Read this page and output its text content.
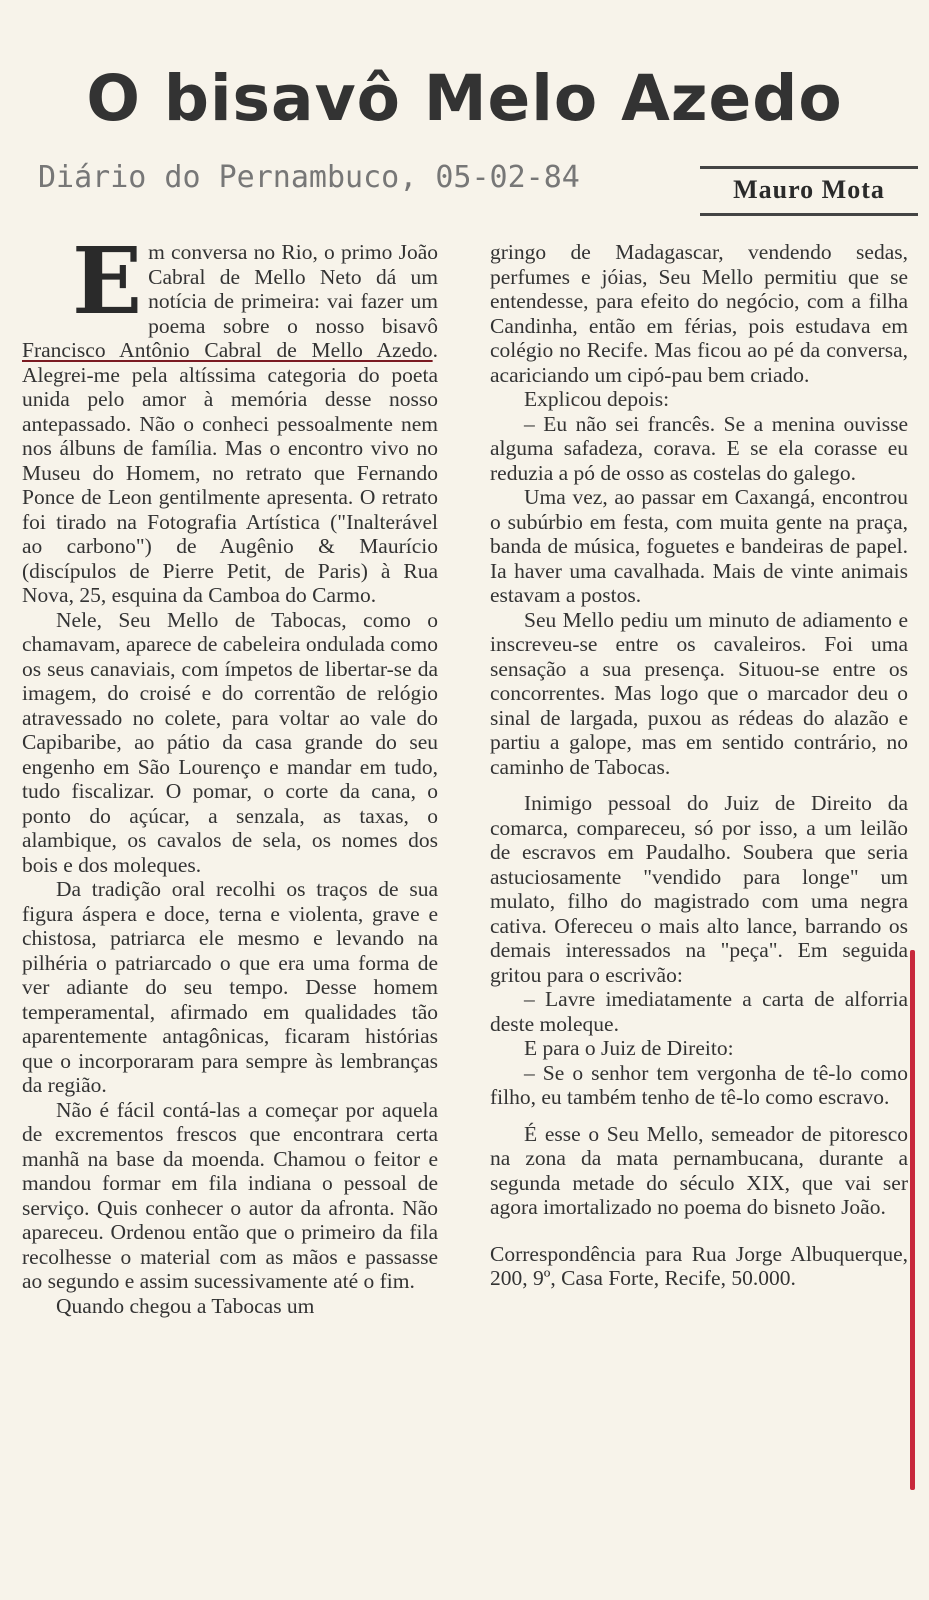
O bisavô Melo Azedo
Diário do Pernambuco, 05-02-84	Mauro Mota

Em conversa no Rio, o primo João Cabral de Mello Neto dá um notícia de primeira: vai fazer um poema sobre o nosso bisavô Francisco Antônio Cabral de Mello Azedo. Alegrei-me pela altíssima categoria do poeta unida pelo amor à memória desse nosso antepassado. Não o conheci pessoalmente nem nos álbuns de família. Mas o encontro vivo no Museu do Homem, no retrato que Fernando Ponce de Leon gentilmente apresenta. O retrato foi tirado na Fotografia Artística ("Inalterável ao carbono") de Augênio & Maurício (discípulos de Pierre Petit, de Paris) à Rua Nova, 25, esquina da Camboa do Carmo.

Nele, Seu Mello de Tabocas, como o chamavam, aparece de cabeleira ondulada como os seus canaviais, com ímpetos de libertar-se da imagem, do croisé e do correntão de relógio atravessado no colete, para voltar ao vale do Capibaribe, ao pátio da casa grande do seu engenho em São Lourenço e mandar em tudo, tudo fiscalizar. O pomar, o corte da cana, o ponto do açúcar, a senzala, as taxas, o alambique, os cavalos de sela, os nomes dos bois e dos moleques.

Da tradição oral recolhi os traços de sua figura áspera e doce, terna e violenta, grave e chistosa, patriarca ele mesmo e levando na pilhéria o patriarcado o que era uma forma de ver adiante do seu tempo. Desse homem temperamental, afirmado em qualidades tão aparentemente antagônicas, ficaram histórias que o incorporaram para sempre às lembranças da região.

Não é fácil contá-las a começar por aquela de excrementos frescos que encontrara certa manhã na base da moenda. Chamou o feitor e mandou formar em fila indiana o pessoal de serviço. Quis conhecer o autor da afronta. Não apareceu. Ordenou então que o primeiro da fila recolhesse o material com as mãos e passasse ao segundo e assim sucessivamente até o fim.

Quando chegou a Tabocas um

gringo de Madagascar, vendendo sedas, perfumes e jóias, Seu Mello permitiu que se entendesse, para efeito do negócio, com a filha Candinha, então em férias, pois estudava em colégio no Recife. Mas ficou ao pé da conversa, acariciando um cipó-pau bem criado.

Explicou depois:

– Eu não sei francês. Se a menina ouvisse alguma safadeza, corava. E se ela corasse eu reduzia a pó de osso as costelas do galego.

Uma vez, ao passar em Caxangá, encontrou o subúrbio em festa, com muita gente na praça, banda de música, foguetes e bandeiras de papel. Ia haver uma cavalhada. Mais de vinte animais estavam a postos.

Seu Mello pediu um minuto de adiamento e inscreveu-se entre os cavaleiros. Foi uma sensação a sua presença. Situou-se entre os concorrentes. Mas logo que o marcador deu o sinal de largada, puxou as rédeas do alazão e partiu a galope, mas em sentido contrário, no caminho de Tabocas.

Inimigo pessoal do Juiz de Direito da comarca, compareceu, só por isso, a um leilão de escravos em Paudalho. Soubera que seria astuciosamente "vendido para longe" um mulato, filho do magistrado com uma negra cativa. Ofereceu o mais alto lance, barrando os demais interessados na "peça". Em seguida gritou para o escrivão:

– Lavre imediatamente a carta de alforria deste moleque.

E para o Juiz de Direito:

– Se o senhor tem vergonha de tê-lo como filho, eu também tenho de tê-lo como escravo.

É esse o Seu Mello, semeador de pitoresco na zona da mata pernambucana, durante a segunda metade do século XIX, que vai ser agora imortalizado no poema do bisneto João.

Correspondência para Rua Jorge Albuquerque, 200, 9º, Casa Forte, Recife, 50.000.
